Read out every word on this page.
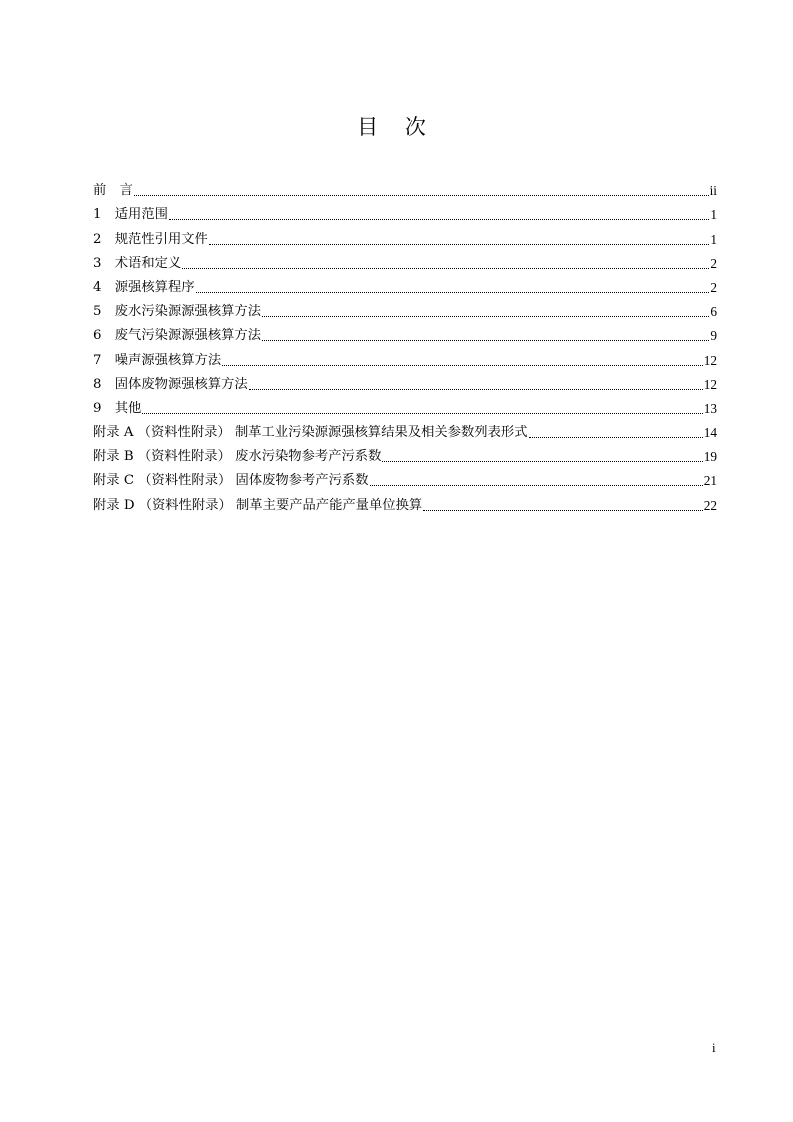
目 次
前　言	ii
1　适用范围	1
2　规范性引用文件	1
3　术语和定义	2
4　源强核算程序	2
5　废水污染源源强核算方法	6
6　废气污染源源强核算方法	9
7　噪声源强核算方法	12
8　固体废物源强核算方法	12
9　其他	13
附录 A （资料性附录） 制革工业污染源源强核算结果及相关参数列表形式	14
附录 B （资料性附录） 废水污染物参考产污系数	19
附录 C （资料性附录） 固体废物参考产污系数	21
附录 D （资料性附录） 制革主要产品产能产量单位换算	22
i
